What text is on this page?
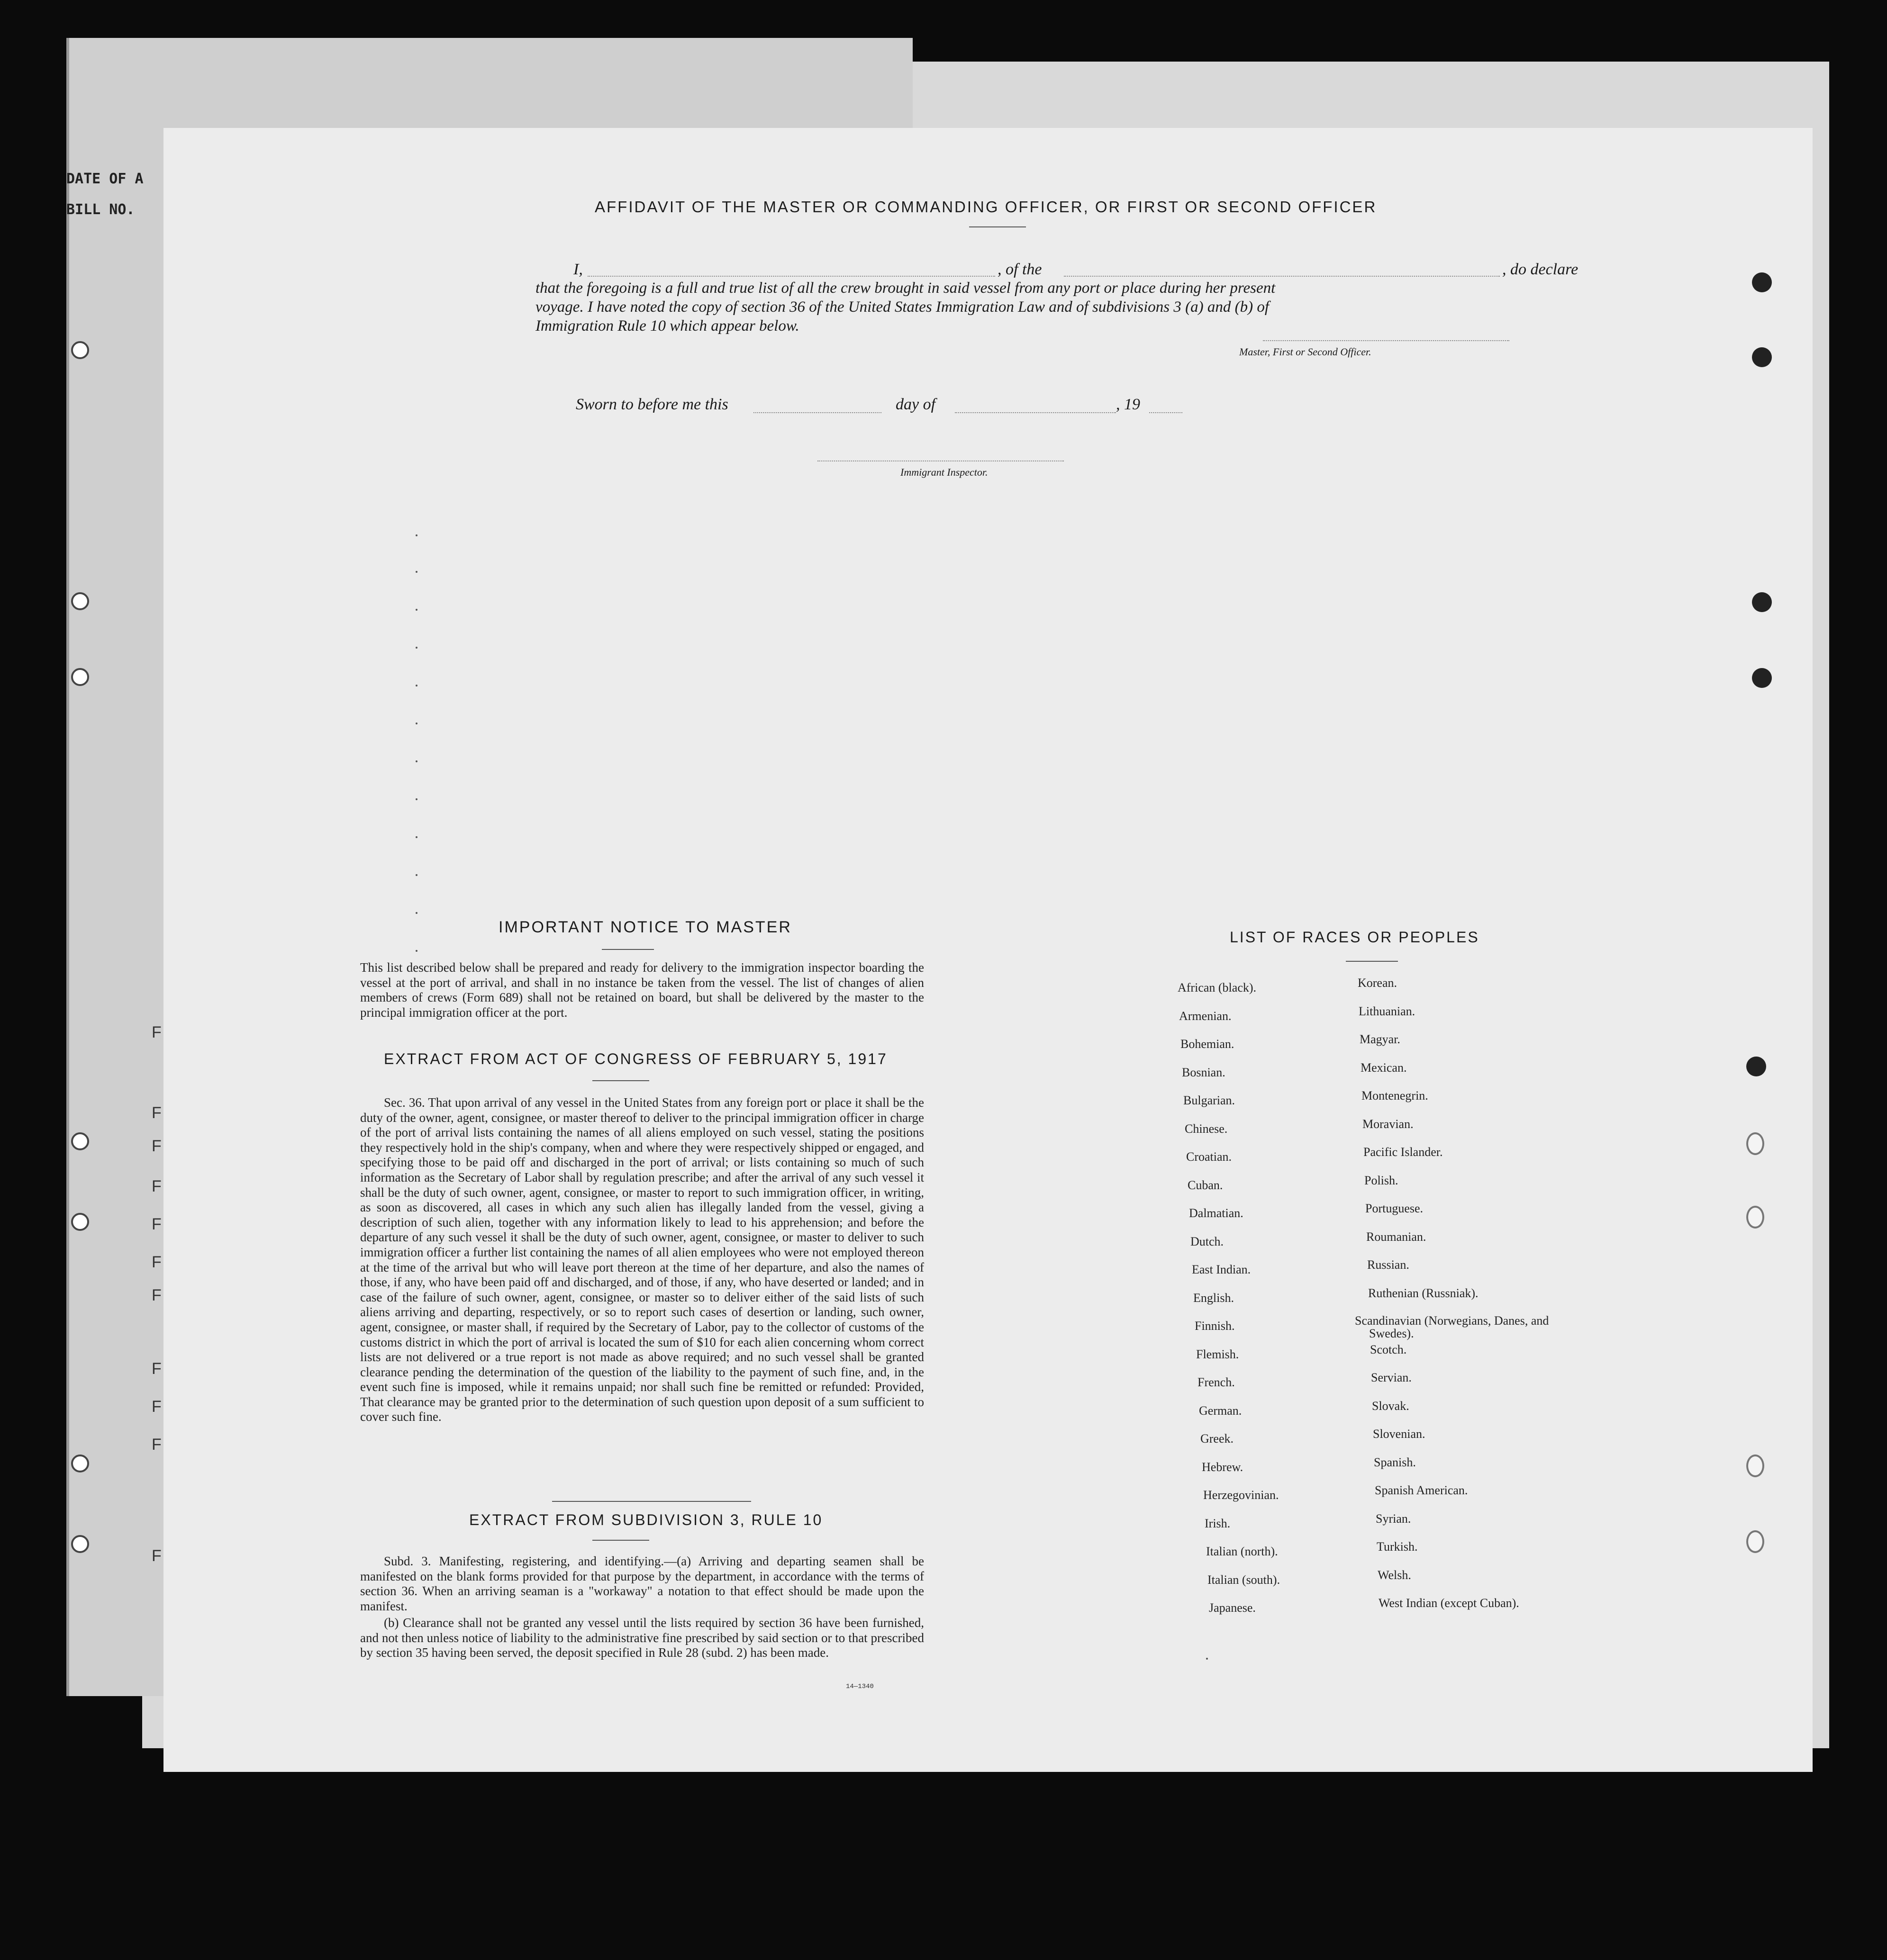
DATE OF A
BILL NO.
F
F
F
F
F
F
F
F
F
F
F
AFFIDAVIT OF THE MASTER OR COMMANDING OFFICER, OR FIRST OR SECOND OFFICER
I,	, of the	, do declare
that the foregoing is a full and true list of all the crew brought in said vessel from any port or place during her present
voyage. I have noted the copy of section 36 of the United States Immigration Law and of subdivisions 3 (a) and (b) of
Immigration Rule 10 which appear below.
Master, First or Second Officer.
Sworn to before me this	day of	, 19
Immigrant Inspector.
IMPORTANT NOTICE TO MASTER
This list described below shall be prepared and ready for delivery to the immigration inspector boarding the vessel at the port of arrival, and shall in no instance be taken from the vessel. The list of changes of alien members of crews (Form 689) shall not be retained on board, but shall be delivered by the master to the principal immigration officer at the port.
EXTRACT FROM ACT OF CONGRESS OF FEBRUARY 5, 1917
Sec. 36. That upon arrival of any vessel in the United States from any foreign port or place it shall be the duty of the owner, agent, consignee, or master thereof to deliver to the principal immigration officer in charge of the port of arrival lists containing the names of all aliens employed on such vessel, stating the positions they respectively hold in the ship's company, when and where they were respectively shipped or engaged, and specifying those to be paid off and discharged in the port of arrival; or lists containing so much of such information as the Secretary of Labor shall by regulation prescribe; and after the arrival of any such vessel it shall be the duty of such owner, agent, consignee, or master to report to such immigration officer, in writing, as soon as discovered, all cases in which any such alien has illegally landed from the vessel, giving a description of such alien, together with any information likely to lead to his apprehension; and before the departure of any such vessel it shall be the duty of such owner, agent, consignee, or master to deliver to such immigration officer a further list containing the names of all alien employees who were not employed thereon at the time of the arrival but who will leave port thereon at the time of her departure, and also the names of those, if any, who have been paid off and discharged, and of those, if any, who have deserted or landed; and in case of the failure of such owner, agent, consignee, or master so to deliver either of the said lists of such aliens arriving and departing, respectively, or so to report such cases of desertion or landing, such owner, agent, consignee, or master shall, if required by the Secretary of Labor, pay to the collector of customs of the customs district in which the port of arrival is located the sum of $10 for each alien concerning whom correct lists are not delivered or a true report is not made as above required; and no such vessel shall be granted clearance pending the determination of the question of the liability to the payment of such fine, and, in the event such fine is imposed, while it remains unpaid; nor shall such fine be remitted or refunded: Provided, That clearance may be granted prior to the determination of such question upon deposit of a sum sufficient to cover such fine.
EXTRACT FROM SUBDIVISION 3, RULE 10
Subd. 3. Manifesting, registering, and identifying.—(a) Arriving and departing seamen shall be manifested on the blank forms provided for that purpose by the department, in accordance with the terms of section 36. When an arriving seaman is a "workaway" a notation to that effect should be made upon the manifest.
(b) Clearance shall not be granted any vessel until the lists required by section 36 have been furnished, and not then unless notice of liability to the administrative fine prescribed by said section or to that prescribed by section 35 having been served, the deposit specified in Rule 28 (subd. 2) has been made.
14—1340
LIST OF RACES OR PEOPLES
African (black).
Armenian.
Bohemian.
Bosnian.
Bulgarian.
Chinese.
Croatian.
Cuban.
Dalmatian.
Dutch.
East Indian.
English.
Finnish.
Flemish.
French.
German.
Greek.
Hebrew.
Herzegovinian.
Irish.
Italian (north).
Italian (south).
Japanese.
Korean.
Lithuanian.
Magyar.
Mexican.
Montenegrin.
Moravian.
Pacific Islander.
Polish.
Portuguese.
Roumanian.
Russian.
Ruthenian (Russniak).
Scandinavian (Norwegians, Danes, and Swedes).
Scotch.
Servian.
Slovak.
Slovenian.
Spanish.
Spanish American.
Syrian.
Turkish.
Welsh.
West Indian (except Cuban).
